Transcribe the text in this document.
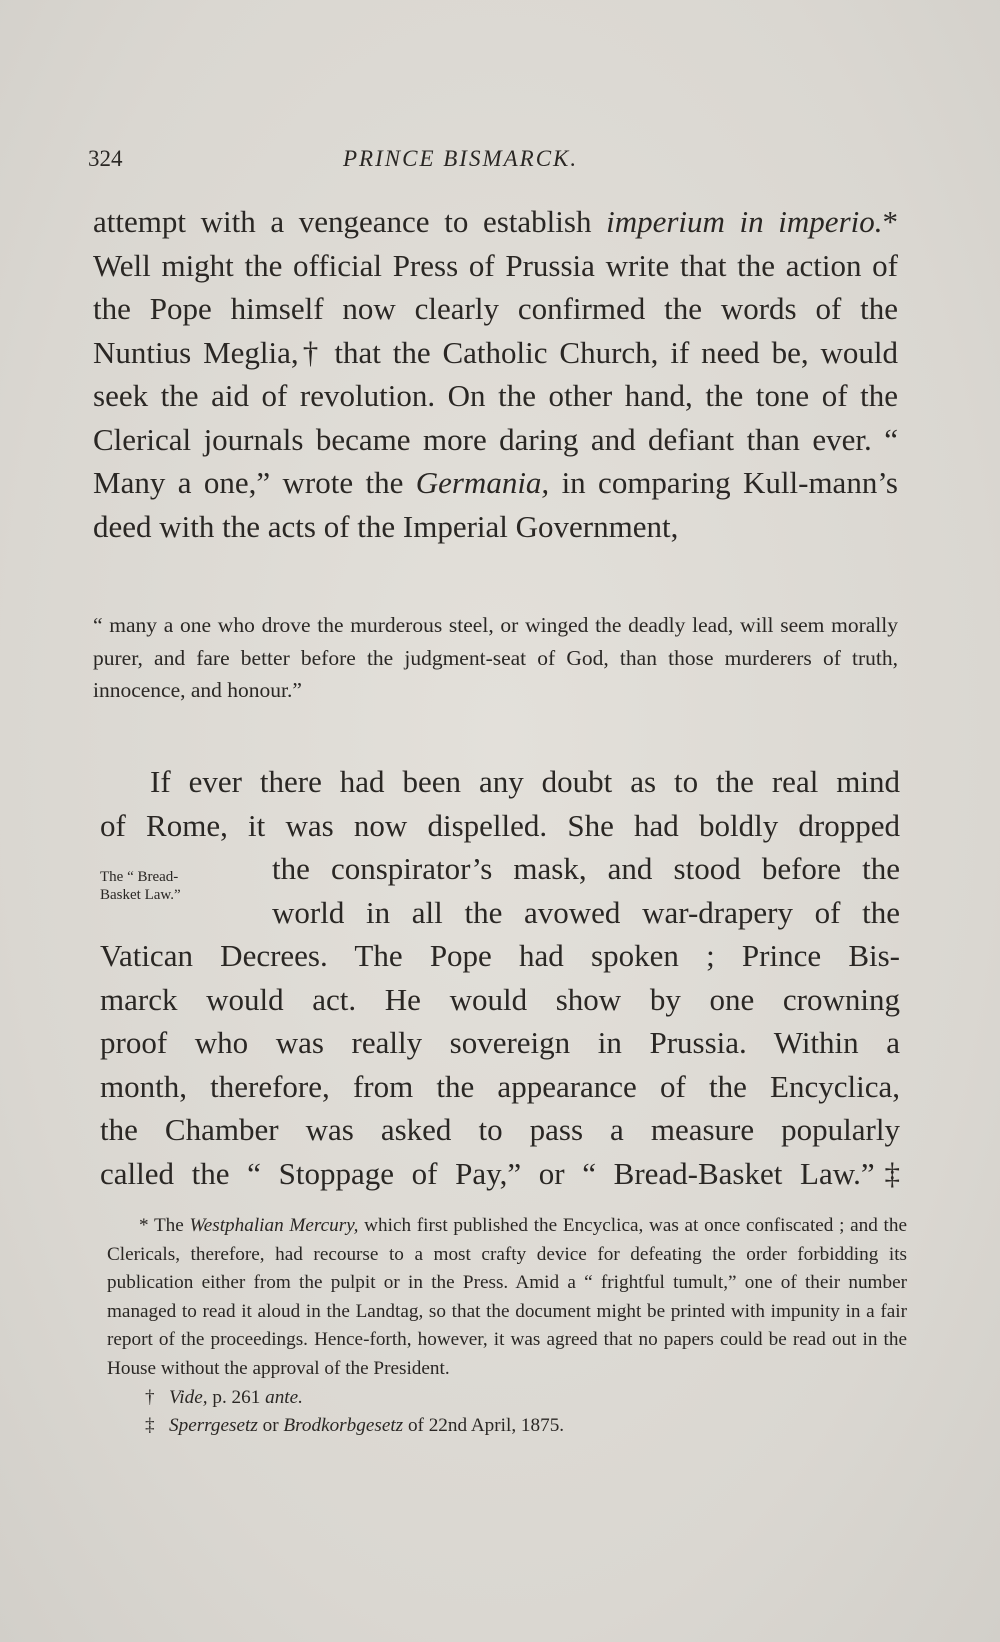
324	PRINCE BISMARCK.

attempt with a vengeance to establish imperium in imperio.* Well might the official Press of Prussia write that the action of the Pope himself now clearly confirmed the words of the Nuntius Meglia,† that the Catholic Church, if need be, would seek the aid of revolution. On the other hand, the tone of the Clerical journals became more daring and defiant than ever. “ Many a one,” wrote the Germania, in comparing Kull-mann’s deed with the acts of the Imperial Government,

“ many a one who drove the murderous steel, or winged the deadly lead, will seem morally purer, and fare better before the judgment-seat of God, than those murderers of truth, innocence, and honour.”

If ever there had been any doubt as to the real mind
of Rome, it was now dispelled. She had boldly dropped
the conspirator’s mask, and stood before the
world in all the avowed war-drapery of the
Vatican Decrees. The Pope had spoken ; Prince Bis-
marck would act. He would show by one crowning
proof who was really sovereign in Prussia. Within a
month, therefore, from the appearance of the Encyclica,
the Chamber was asked to pass a measure popularly
called the “ Stoppage of Pay,” or “ Bread-Basket Law.”‡
The “ Bread-
Basket Law.”

* The Westphalian Mercury, which first published the Encyclica, was at once confiscated ; and the Clericals, therefore, had recourse to a most crafty device for defeating the order forbidding its publication either from the pulpit or in the Press. Amid a “ frightful tumult,” one of their number managed to read it aloud in the Landtag, so that the document might be printed with impunity in a fair report of the proceedings. Hence-forth, however, it was agreed that no papers could be read out in the House without the approval of the President.

† Vide, p. 261 ante.

‡ Sperrgesetz or Brodkorbgesetz of 22nd April, 1875.
